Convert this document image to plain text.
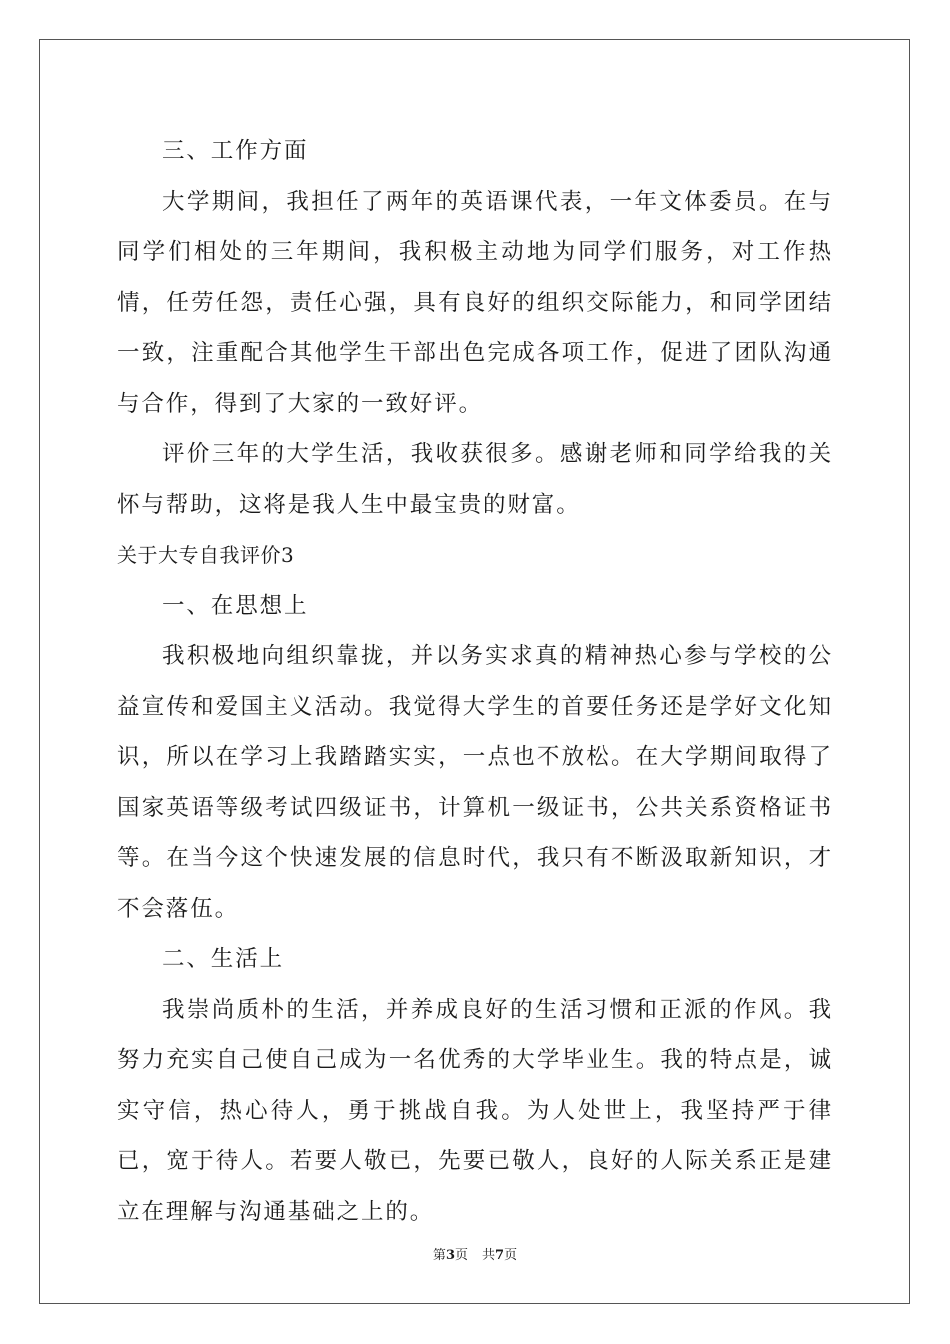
三、工作方面

大学期间，我担任了两年的英语课代表，一年文体委员。在与同学们相处的三年期间，我积极主动地为同学们服务，对工作热情，任劳任怨，责任心强，具有良好的组织交际能力，和同学团结一致，注重配合其他学生干部出色完成各项工作，促进了团队沟通与合作，得到了大家的一致好评。

评价三年的大学生活，我收获很多。感谢老师和同学给我的关怀与帮助，这将是我人生中最宝贵的财富。

关于大专自我评价3

一、在思想上

我积极地向组织靠拢，并以务实求真的精神热心参与学校的公益宣传和爱国主义活动。我觉得大学生的首要任务还是学好文化知识，所以在学习上我踏踏实实，一点也不放松。在大学期间取得了国家英语等级考试四级证书，计算机一级证书，公共关系资格证书等。在当今这个快速发展的信息时代，我只有不断汲取新知识，才不会落伍。

二、生活上

我崇尚质朴的生活，并养成良好的生活习惯和正派的作风。我努力充实自己使自己成为一名优秀的大学毕业生。我的特点是，诚实守信，热心待人，勇于挑战自我。为人处世上，我坚持严于律已，宽于待人。若要人敬已，先要已敬人，良好的人际关系正是建立在理解与沟通基础之上的。

第3页 共7页
